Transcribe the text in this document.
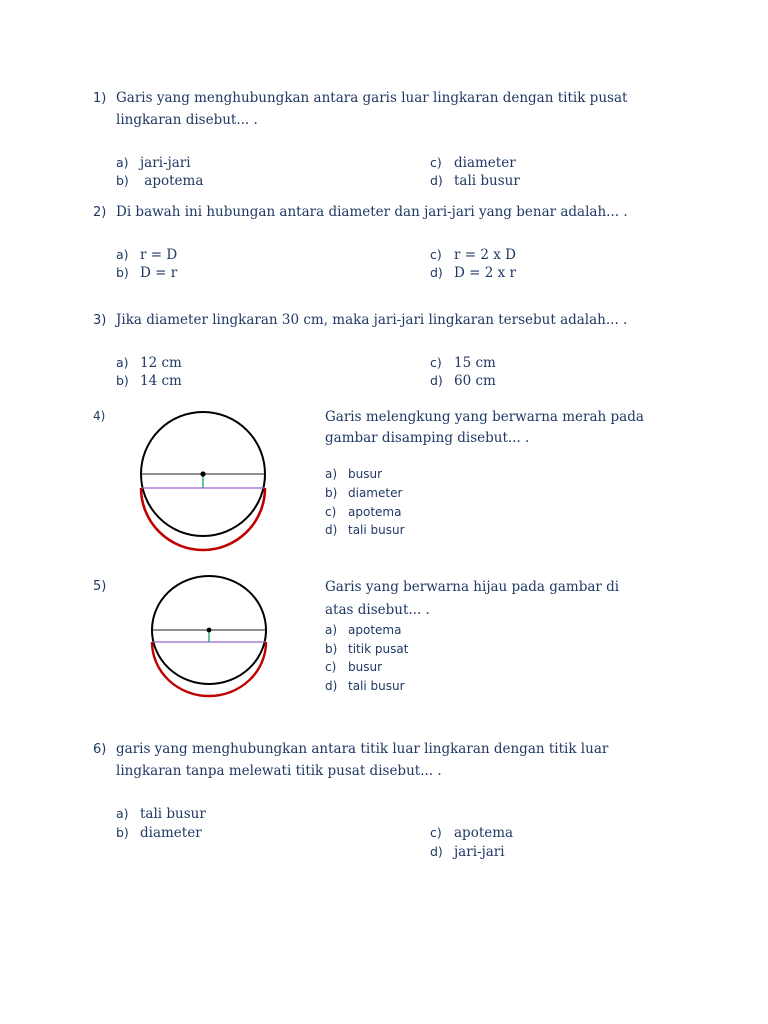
1) Garis yang menghubungkan antara garis luar lingkaran dengan titik pusat lingkaran disebut... .
a) jari-jari
b) apotema
c) diameter
d) tali busur
2) Di bawah ini hubungan antara diameter dan jari-jari yang benar adalah... .
a) r = D
b) D = r
c) r = 2 x D
d) D = 2 x r
3) Jika diameter lingkaran 30 cm, maka jari-jari lingkaran tersebut adalah... .
a) 12 cm
b) 14 cm
c) 15 cm
d) 60 cm
4)	Garis melengkung yang berwarna merah pada gambar disamping disebut... .
a) busur
b) diameter
c) apotema
d) tali busur
5)	Garis yang berwarna hijau pada gambar di atas disebut... .
a) apotema
b) titik pusat
c) busur
d) tali busur
6) garis yang menghubungkan antara titik luar lingkaran dengan titik luar lingkaran tanpa melewati titik pusat disebut... .
a) tali busur
b) diameter	c) apotema
d) jari-jari
